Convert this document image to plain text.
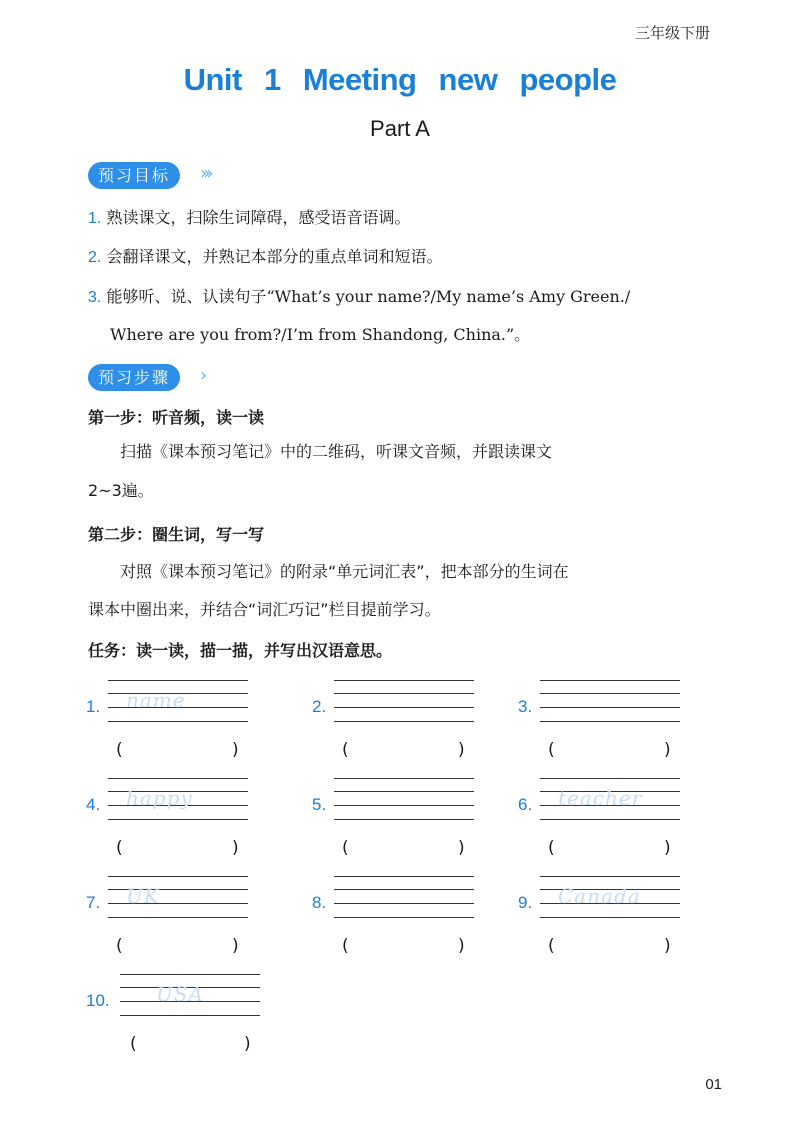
三年级下册
Unit 1 Meeting new people
Part A
预习目标	›››
1. 熟读课文，扫除生词障碍，感受语音语调。
2. 会翻译课文，并熟记本部分的重点单词和短语。
3. 能够听、说、认读句子“What’s your name?/My name’s Amy Green./
Where are you from?/I’m from Shandong, China.”。
预习步骤	›
第一步：听音频，读一读
扫描《课本预习笔记》中的二维码，听课文音频，并跟读课文
2~3遍。
第二步：圈生词，写一写
对照《课本预习笔记》的附录“单元词汇表”，把本部分的生词在
课本中圈出来，并结合“词汇巧记”栏目提前学习。
任务：读一读，描一描，并写出汉语意思。
1. name
(	)
2.
(	)
3.
(	)
4. happy
(	)
5.
(	)
6. teacher
(	)
7. UK
(	)
8.
(	)
9. Canada
(	)
10. USA
(	)
01
